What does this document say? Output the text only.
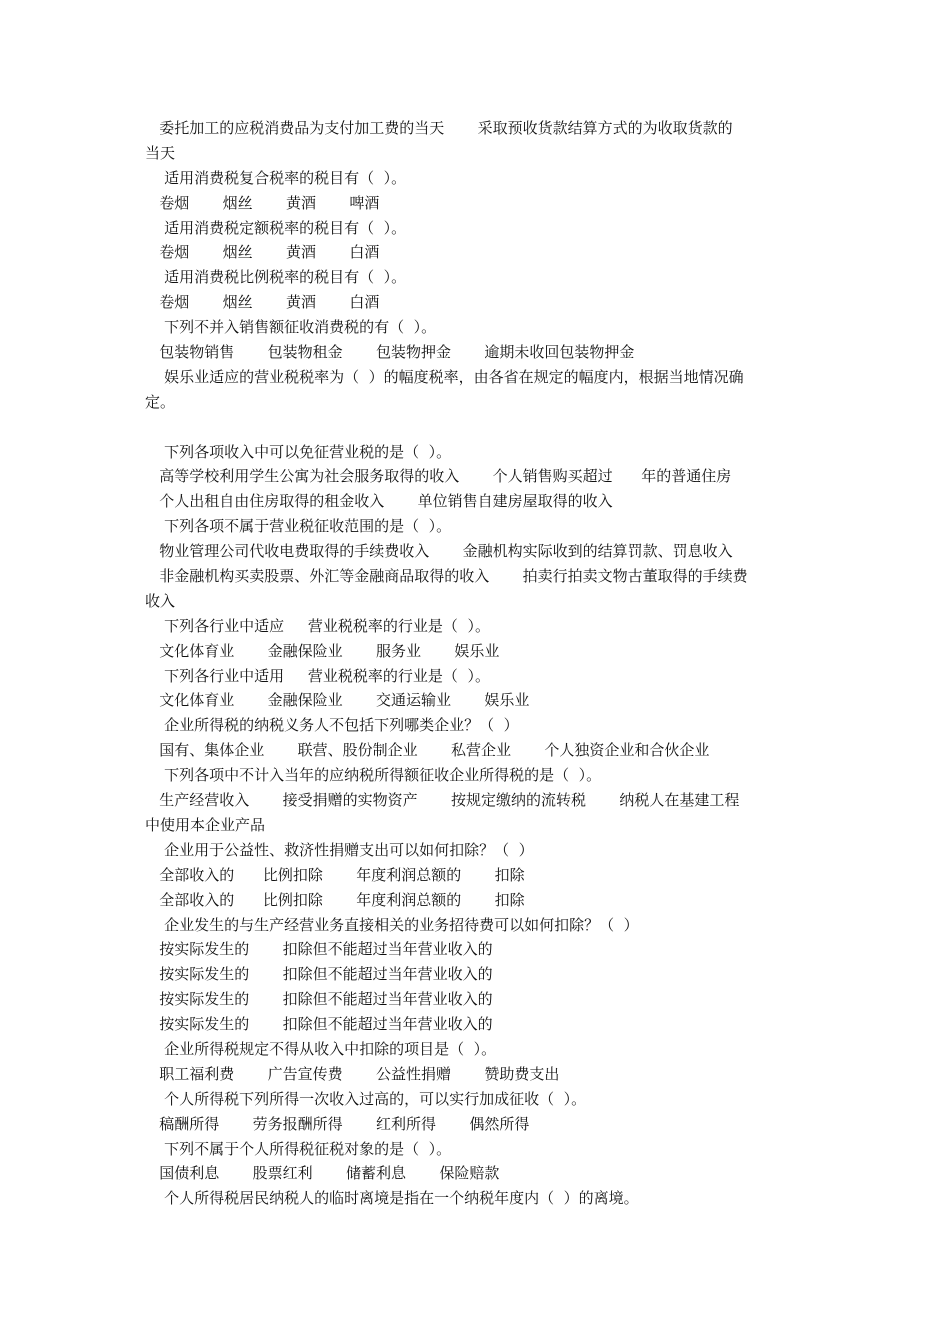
委托加工的应税消费品为支付加工费的当天       采取预收货款结算方式的为收取货款的

当天

适用消费税复合税率的税目有（  ）。

卷烟       烟丝       黄酒       啤酒

适用消费税定额税率的税目有（  ）。

卷烟       烟丝       黄酒       白酒

适用消费税比例税率的税目有（  ）。

卷烟       烟丝       黄酒       白酒

下列不并入销售额征收消费税的有（  ）。

包装物销售       包装物租金       包装物押金       逾期未收回包装物押金

娱乐业适应的营业税税率为（  ）的幅度税率，由各省在规定的幅度内，根据当地情况确

定。

下列各项收入中可以免征营业税的是（  ）。

高等学校利用学生公寓为社会服务取得的收入       个人销售购买超过      年的普通住房

个人出租自由住房取得的租金收入       单位销售自建房屋取得的收入

下列各项不属于营业税征收范围的是（  ）。

物业管理公司代收电费取得的手续费收入       金融机构实际收到的结算罚款、罚息收入

非金融机构买卖股票、外汇等金融商品取得的收入       拍卖行拍卖文物古董取得的手续费

收入

下列各行业中适应     营业税税率的行业是（  ）。

文化体育业       金融保险业       服务业       娱乐业

下列各行业中适用     营业税税率的行业是（  ）。

文化体育业       金融保险业       交通运输业       娱乐业

企业所得税的纳税义务人不包括下列哪类企业？（  ）

国有、集体企业       联营、股份制企业       私营企业       个人独资企业和合伙企业

下列各项中不计入当年的应纳税所得额征收企业所得税的是（  ）。

生产经营收入       接受捐赠的实物资产       按规定缴纳的流转税       纳税人在基建工程

中使用本企业产品

企业用于公益性、救济性捐赠支出可以如何扣除？（  ）

全部收入的      比例扣除       年度利润总额的       扣除

全部收入的      比例扣除       年度利润总额的       扣除

企业发生的与生产经营业务直接相关的业务招待费可以如何扣除？（  ）

按实际发生的       扣除但不能超过当年营业收入的

按实际发生的       扣除但不能超过当年营业收入的

按实际发生的       扣除但不能超过当年营业收入的

按实际发生的       扣除但不能超过当年营业收入的

企业所得税规定不得从收入中扣除的项目是（  ）。

职工福利费       广告宣传费       公益性捐赠       赞助费支出

个人所得税下列所得一次收入过高的，可以实行加成征收（  ）。

稿酬所得       劳务报酬所得       红利所得       偶然所得

下列不属于个人所得税征税对象的是（  ）。

国债利息       股票红利       储蓄利息       保险赔款

个人所得税居民纳税人的临时离境是指在一个纳税年度内（  ）的离境。
